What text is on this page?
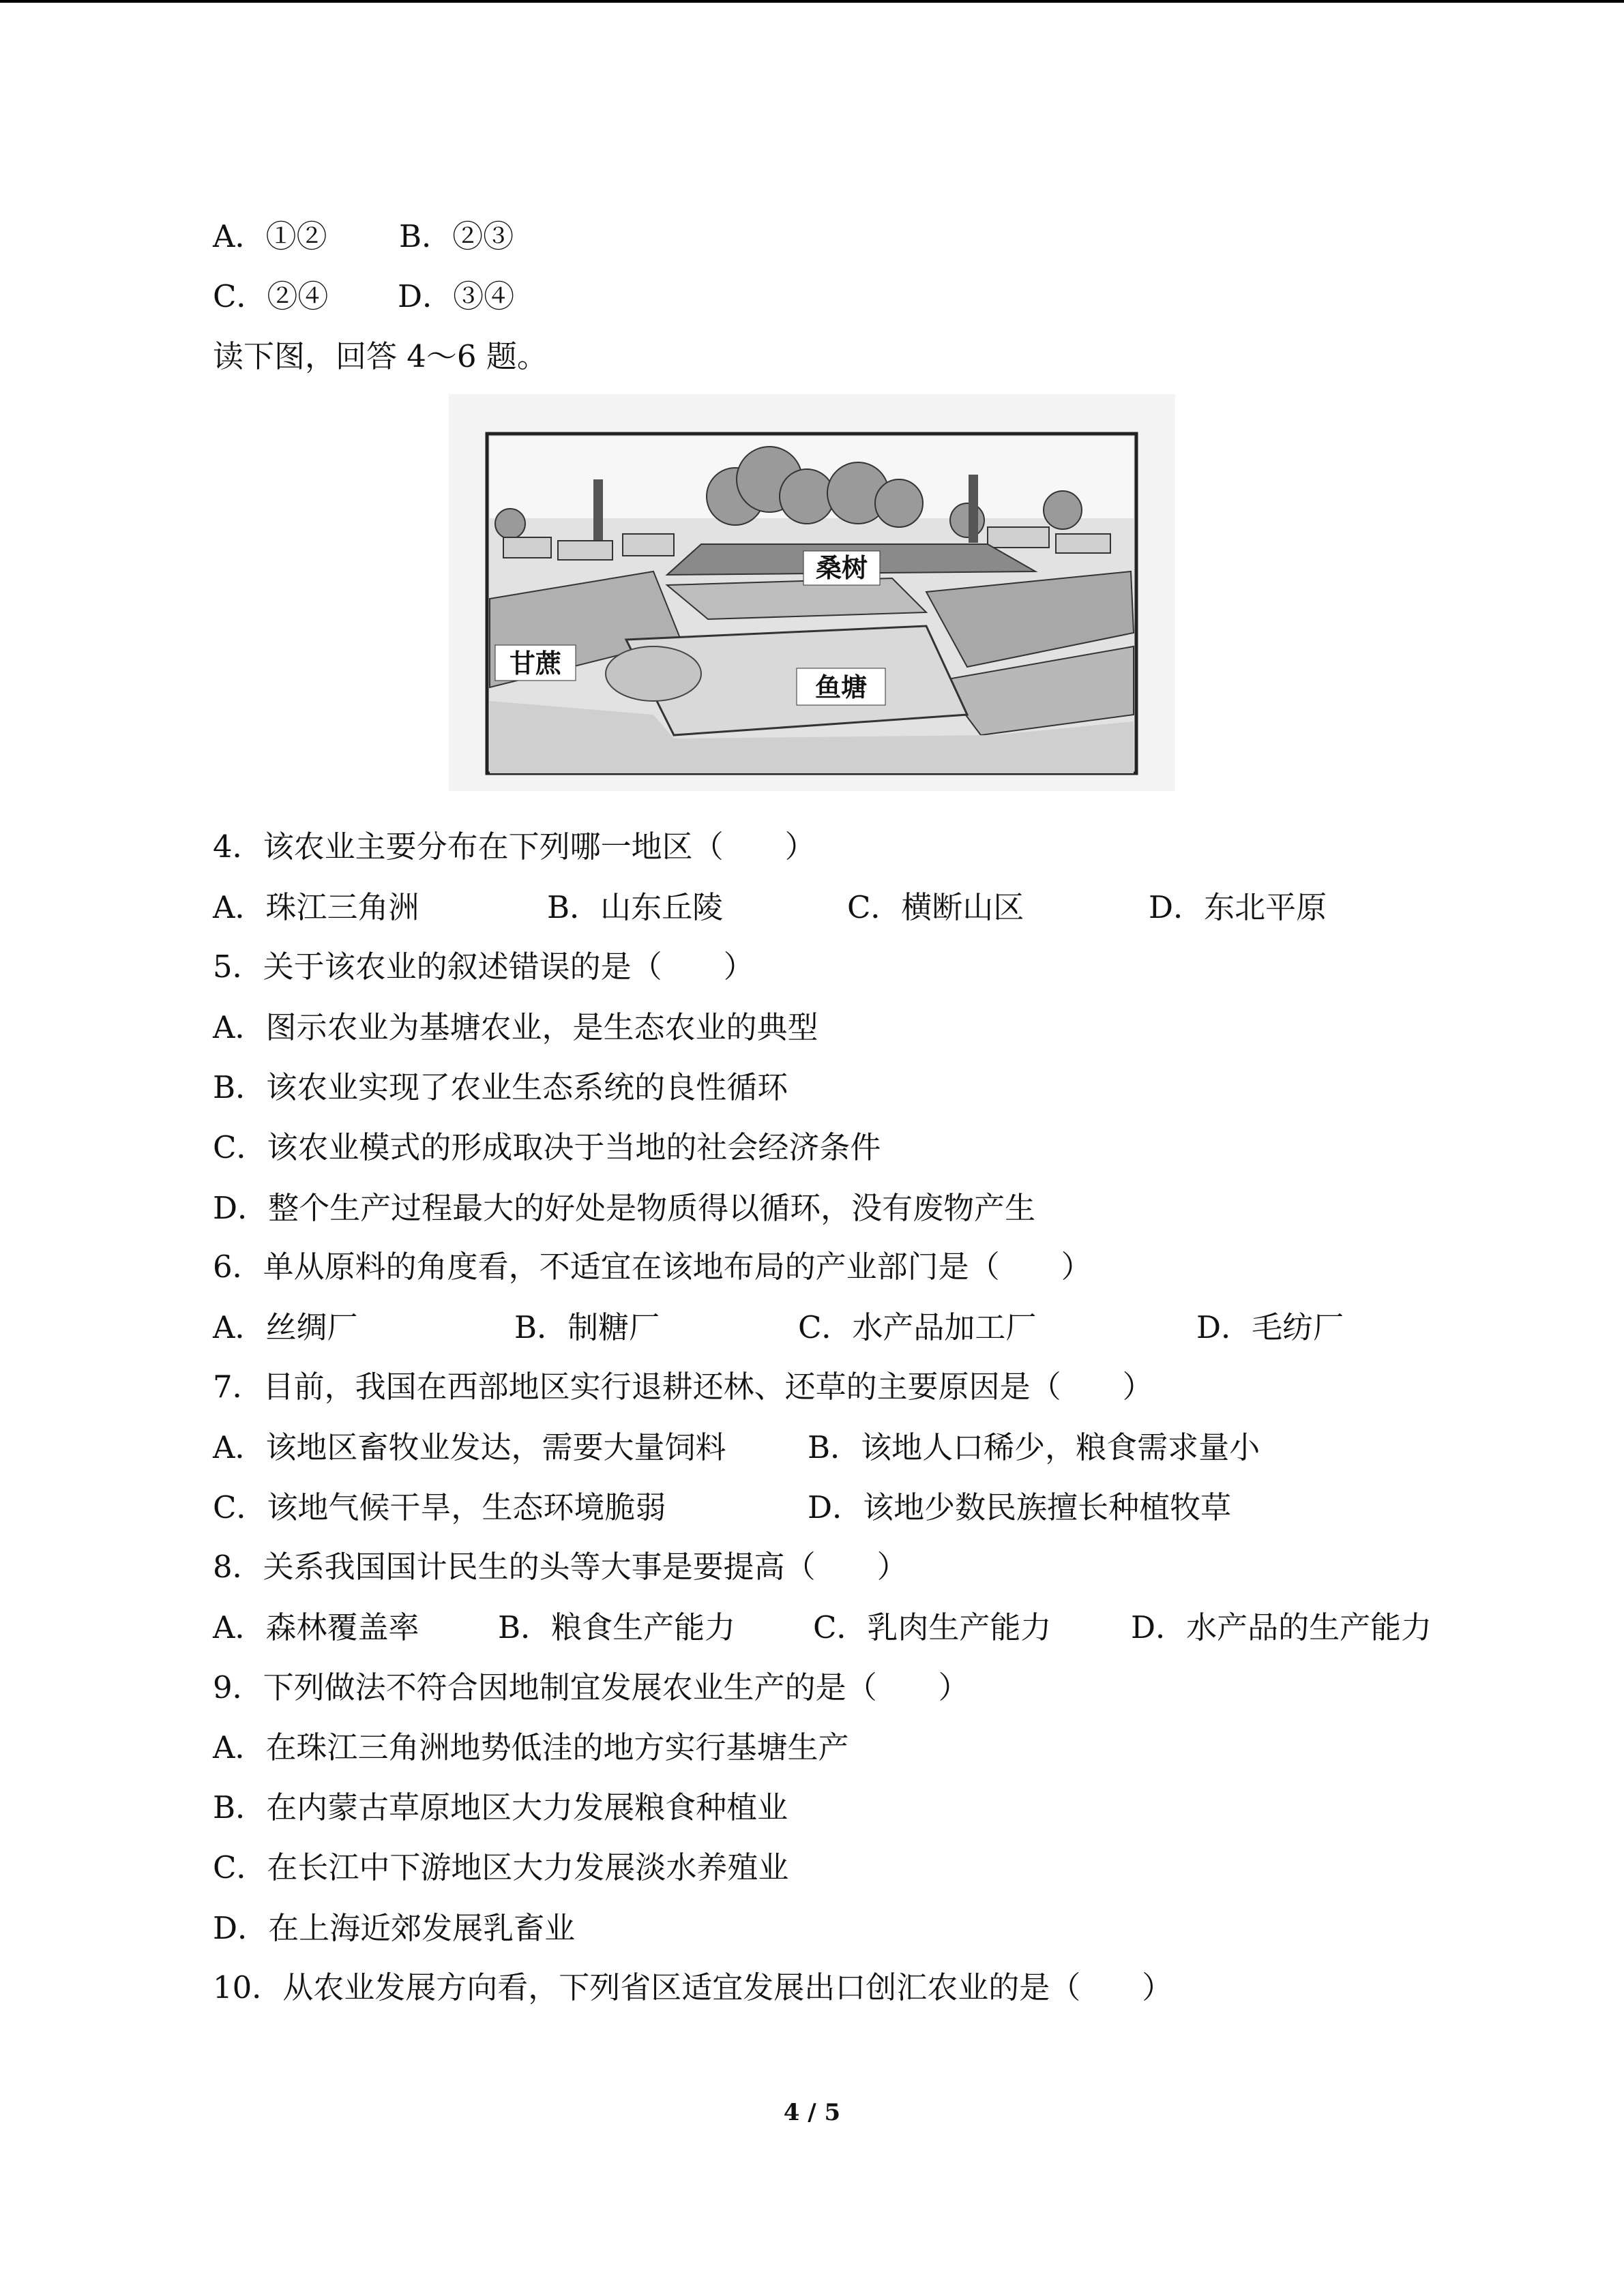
A．①② B．②③
C．②④ D．③④
读下图，回答 4～6 题。
桑树
甘蔗
鱼塘
4．该农业主要分布在下列哪一地区（　　）
A．珠江三角洲	B．山东丘陵	C．横断山区	D．东北平原
5．关于该农业的叙述错误的是（　　）
A．图示农业为基塘农业，是生态农业的典型
B．该农业实现了农业生态系统的良性循环
C．该农业模式的形成取决于当地的社会经济条件
D．整个生产过程最大的好处是物质得以循环，没有废物产生
6．单从原料的角度看，不适宜在该地布局的产业部门是（　　）
A．丝绸厂	B．制糖厂	C．水产品加工厂	D．毛纺厂
7．目前，我国在西部地区实行退耕还林、还草的主要原因是（　　）
A．该地区畜牧业发达，需要大量饲料	B．该地人口稀少，粮食需求量小
C．该地气候干旱，生态环境脆弱	D．该地少数民族擅长种植牧草
8．关系我国国计民生的头等大事是要提高（　　）
A．森林覆盖率	B．粮食生产能力	C．乳肉生产能力	D．水产品的生产能力
9．下列做法不符合因地制宜发展农业生产的是（　　）
A．在珠江三角洲地势低洼的地方实行基塘生产
B．在内蒙古草原地区大力发展粮食种植业
C．在长江中下游地区大力发展淡水养殖业
D．在上海近郊发展乳畜业
10．从农业发展方向看，下列省区适宜发展出口创汇农业的是（　　）
4 / 5
